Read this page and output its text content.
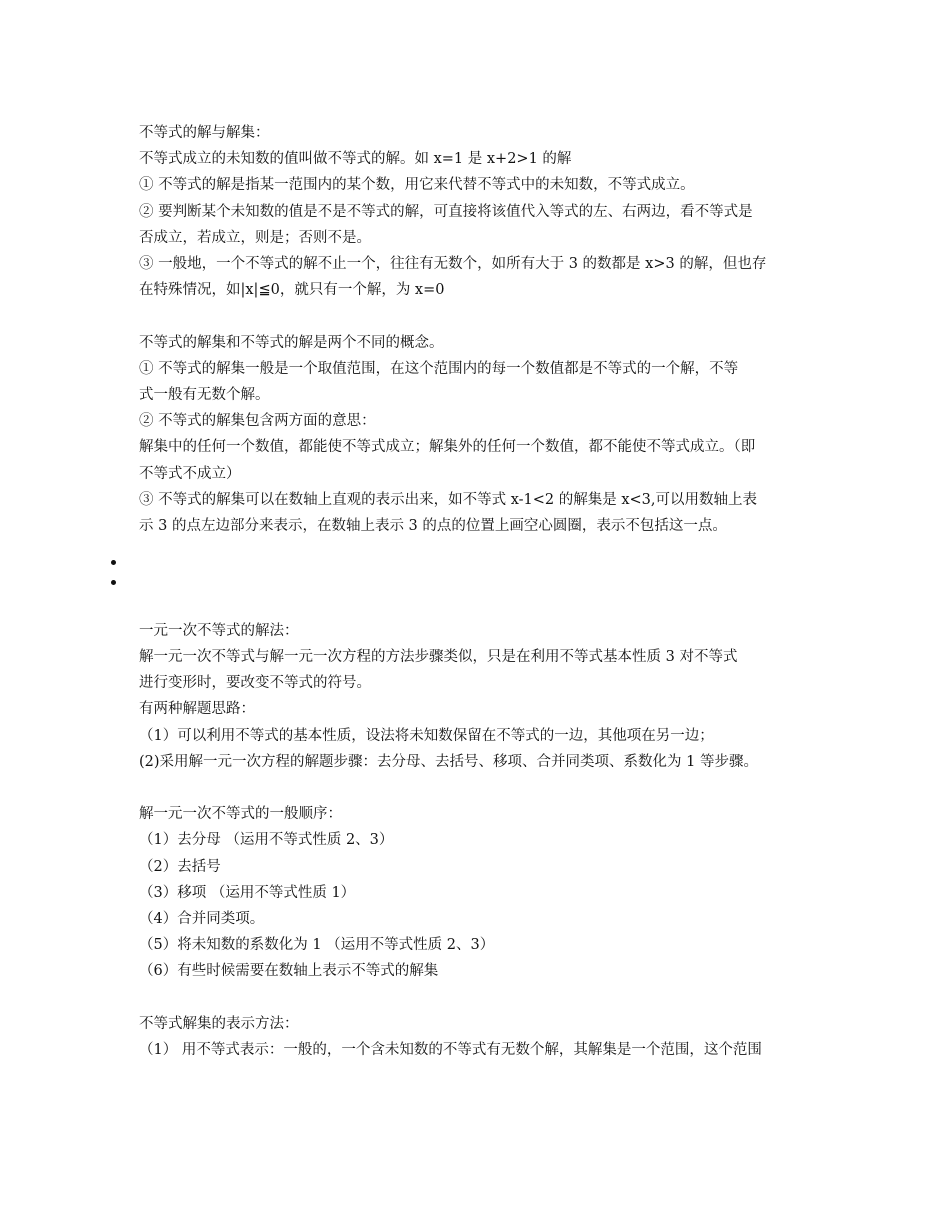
不等式的解与解集：
不等式成立的未知数的值叫做不等式的解。如 x=1 是 x+2>1 的解
① 不等式的解是指某一范围内的某个数，用它来代替不等式中的未知数，不等式成立。
② 要判断某个未知数的值是不是不等式的解，可直接将该值代入等式的左、右两边，看不等式是
否成立，若成立，则是；否则不是。
③ 一般地，一个不等式的解不止一个，往往有无数个，如所有大于 3 的数都是 x>3 的解，但也存
在特殊情况，如|x|≦0，就只有一个解，为 x=0
不等式的解集和不等式的解是两个不同的概念。
① 不等式的解集一般是一个取值范围，在这个范围内的每一个数值都是不等式的一个解，不等
式一般有无数个解。
② 不等式的解集包含两方面的意思：
解集中的任何一个数值，都能使不等式成立；解集外的任何一个数值，都不能使不等式成立。（即
不等式不成立）
③ 不等式的解集可以在数轴上直观的表示出来，如不等式 x-1<2 的解集是 x<3,可以用数轴上表
示 3 的点左边部分来表示，在数轴上表示 3 的点的位置上画空心圆圈，表示不包括这一点。
一元一次不等式的解法：
解一元一次不等式与解一元一次方程的方法步骤类似，只是在利用不等式基本性质 3 对不等式
进行变形时，要改变不等式的符号。
有两种解题思路：
（1）可以利用不等式的基本性质，设法将未知数保留在不等式的一边，其他项在另一边；
(2)采用解一元一次方程的解题步骤：去分母、去括号、移项、合并同类项、系数化为 1 等步骤。
解一元一次不等式的一般顺序：
（1）去分母 （运用不等式性质 2、3）
（2）去括号
（3）移项 （运用不等式性质 1）
（4）合并同类项。
（5）将未知数的系数化为 1 （运用不等式性质 2、3）
（6）有些时候需要在数轴上表示不等式的解集
不等式解集的表示方法：
（1） 用不等式表示：一般的，一个含未知数的不等式有无数个解，其解集是一个范围，这个范围
